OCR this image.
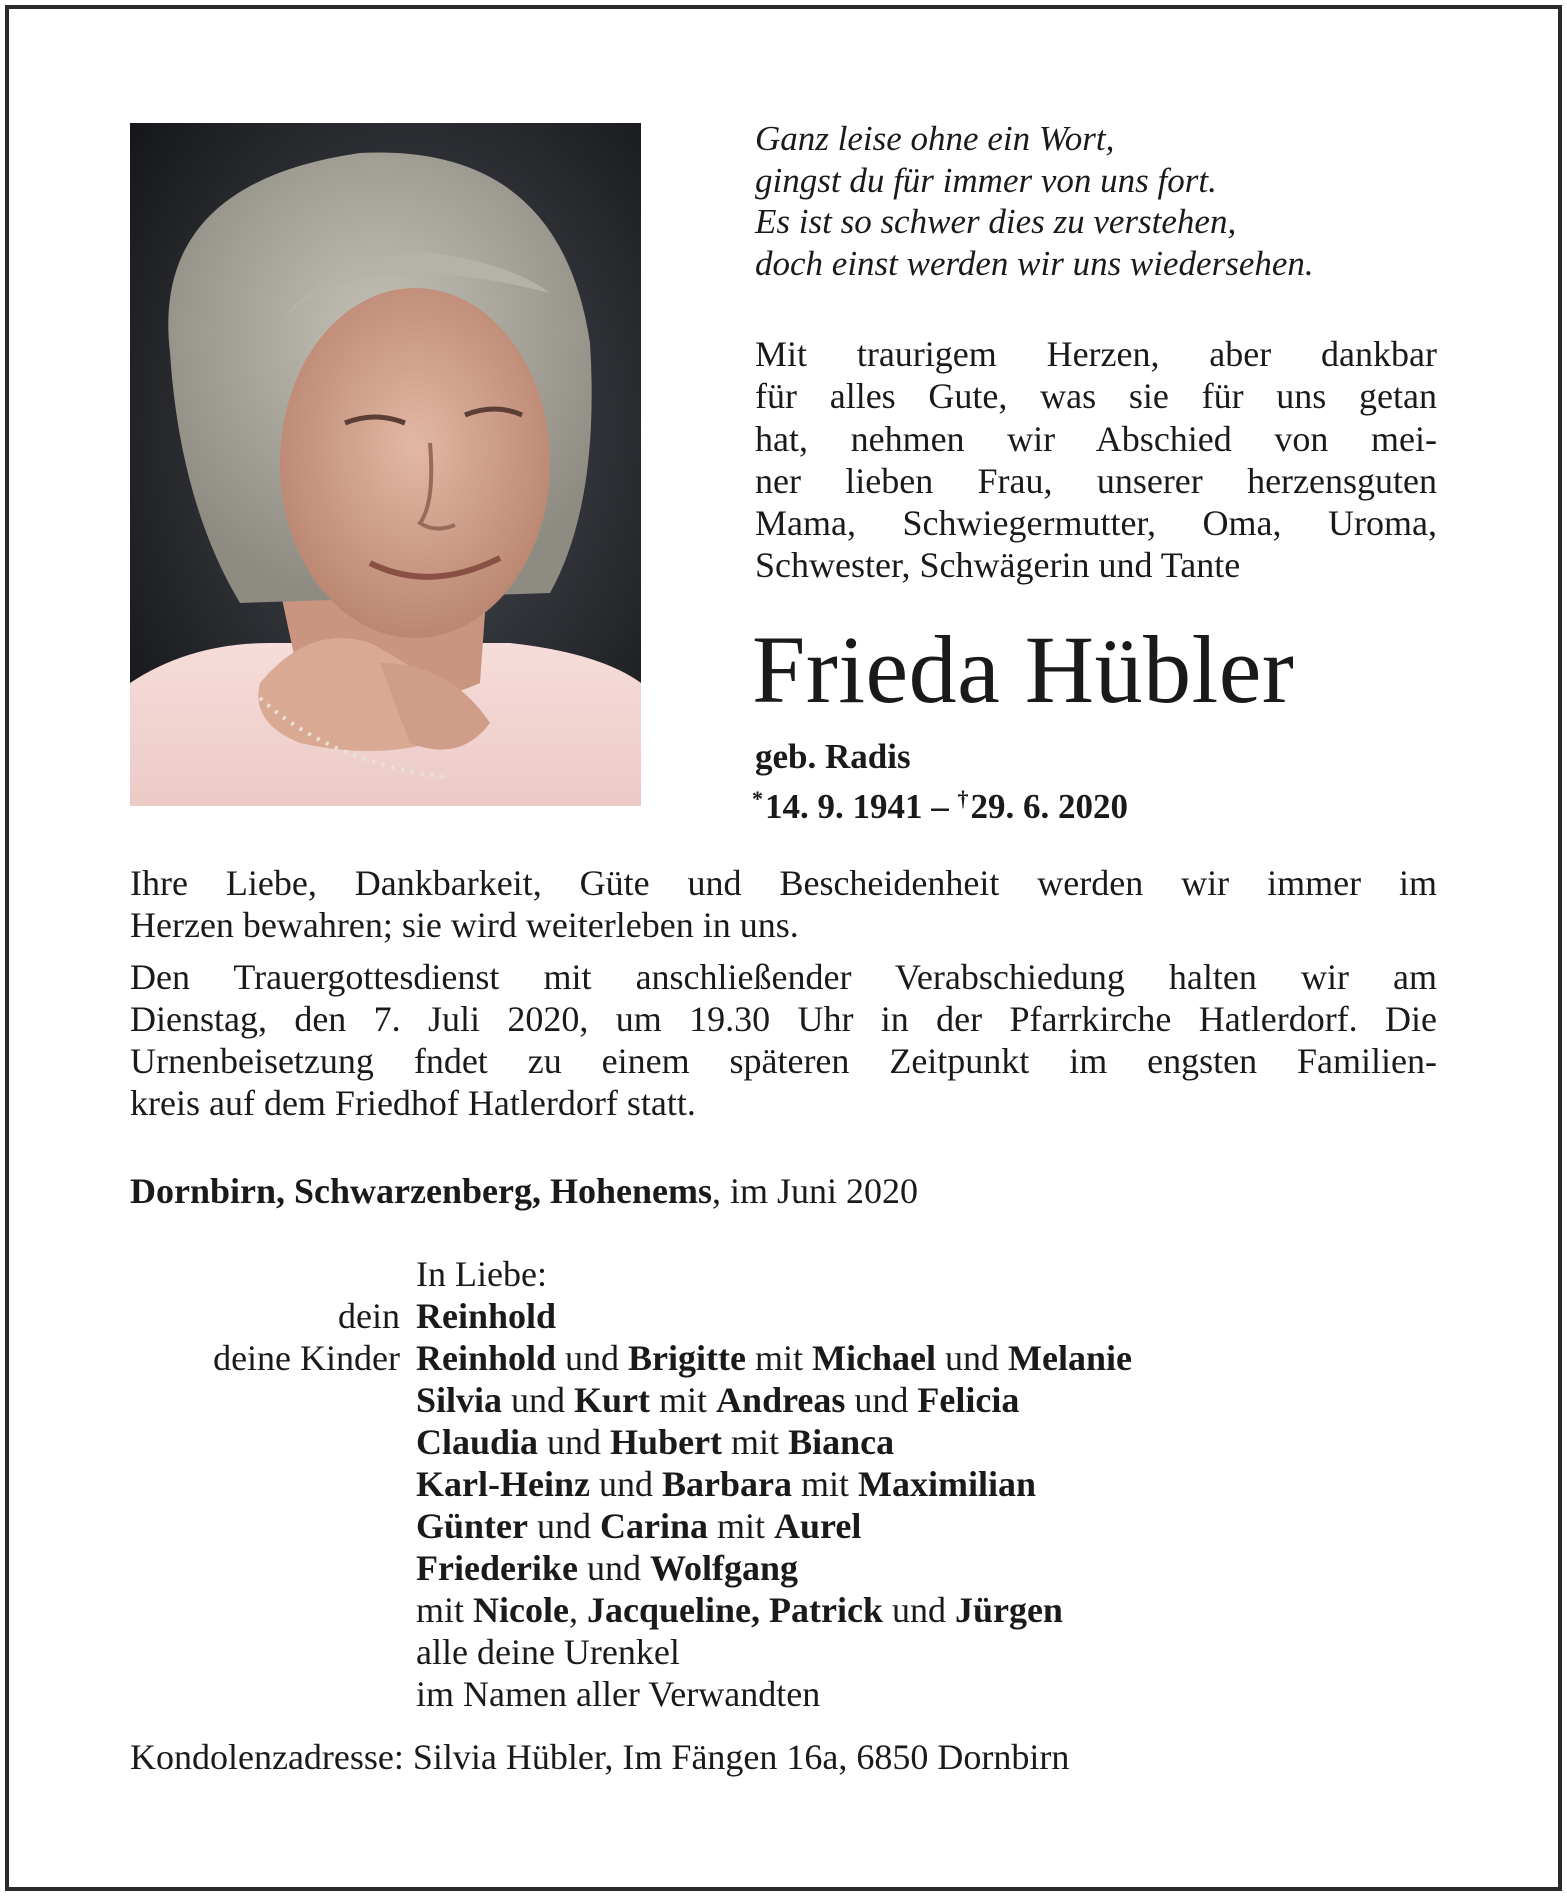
Ganz leise ohne ein Wort,
gingst du für immer von uns fort.
Es ist so schwer dies zu verstehen,
doch einst werden wir uns wiedersehen.
Mit traurigem Herzen, aber dankbar
für alles Gute, was sie für uns getan
hat, nehmen wir Abschied von mei-
ner lieben Frau, unserer herzensguten
Mama, Schwiegermutter, Oma, Uroma,
Schwester, Schwägerin und Tante
Frieda Hübler
geb. Radis
*14. 9. 1941 – †29. 6. 2020
Ihre Liebe, Dankbarkeit, Güte und Bescheidenheit werden wir immer im
Herzen bewahren; sie wird weiterleben in uns.
Den Trauergottesdienst mit anschließender Verabschiedung halten wir am
Dienstag, den 7. Juli 2020, um 19.30 Uhr in der Pfarrkirche Hatlerdorf. Die
Urnenbeisetzung fndet zu einem späteren Zeitpunkt im engsten Familien-
kreis auf dem Friedhof Hatlerdorf statt.
Dornbirn, Schwarzenberg, Hohenems, im Juni 2020
In Liebe:
dein Reinhold
deine Kinder Reinhold und Brigitte mit Michael und Melanie
Silvia und Kurt mit Andreas und Felicia
Claudia und Hubert mit Bianca
Karl-Heinz und Barbara mit Maximilian
Günter und Carina mit Aurel
Friederike und Wolfgang
mit Nicole, Jacqueline, Patrick und Jürgen
alle deine Urenkel
im Namen aller Verwandten
Kondolenzadresse: Silvia Hübler, Im Fängen 16a, 6850 Dornbirn
